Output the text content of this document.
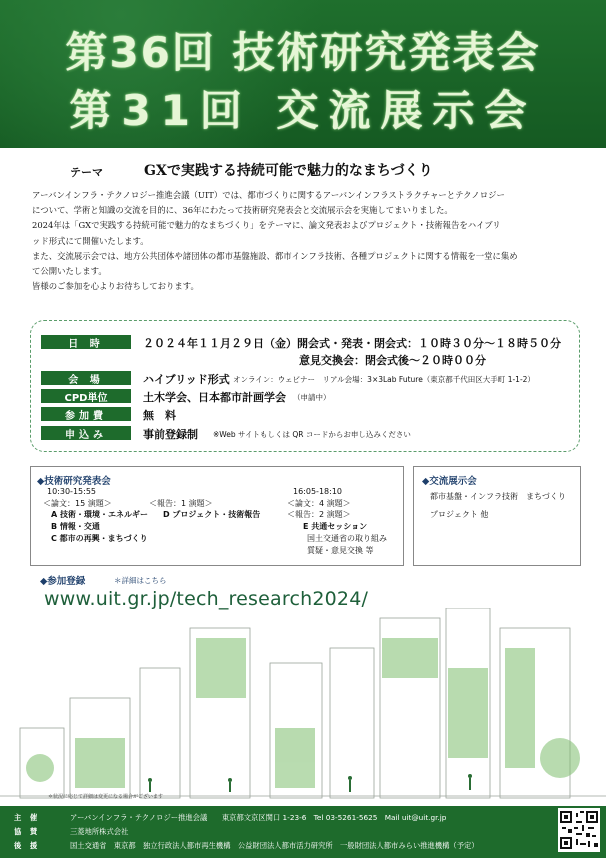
第36回 技術研究発表会
第31回 交流展示会
テーマ	GXで実践する持続可能で魅力的なまちづくり

アーバンインフラ・テクノロジー推進会議（UIT）では、都市づくりに関するアーバンインフラストラクチャーとテクノロジー

について、学術と知識の交流を目的に、36年にわたって技術研究発表会と交流展示会を実施してまいりました。

2024年は「GXで実践する持続可能で魅力的なまちづくり」をテーマに、論文発表およびプロジェクト・技術報告をハイブリ

ッド形式にて開催いたします。

また、交流展示会では、地方公共団体や諸団体の都市基盤施設、都市インフラ技術、各種プロジェクトに関する情報を一堂に集め

て公開いたします。

皆様のご参加を心よりお待ちしております。

日 時	２０２４年１１月２９日（金）開会式・発表・閉会式：１０時３０分～１８時５０分
意見交換会：閉会式後～２０時００分
会 場	ハイブリッド形式 オンライン：ウェビナー　リアル会場：3×3Lab Future（東京都千代田区大手町 1-1-2）
CPD単位	土木学会、日本都市計画学会 （申請中）
参加費	無　料
申込み	事前登録制 ※Web サイトもしくは QR コードからお申し込みください
◆技術研究発表会
10:30-15:55
＜論文：15 演題＞	＜報告：1 演題＞
A 技術・環境・エネルギー D プロジェクト・技術報告
B 情報・交通
C 都市の再興・まちづくり
16:05-18:10
＜論文：4 演題＞
＜報告：2 演題＞
E 共通セッション
国土交通省の取り組み
質疑・意見交換 等
◆交流展示会
都市基盤・インフラ技術　まちづくり
プロジェクト 他
◆参加登録	＊詳細はこちら
www.uit.gr.jp/tech_research2024/
＊状況に応じて詳細は変更になる場合がございます
主 催	アーバンインフラ・テクノロジー推進会議　　東京都文京区関口 1-23-6　Tel 03-5261-5625　Mail uit@uit.gr.jp
協 賛	三菱地所株式会社
後 援	国土交通省　東京都　独立行政法人都市再生機構　公益財団法人都市活力研究所　一般財団法人都市みらい推進機構（予定）
